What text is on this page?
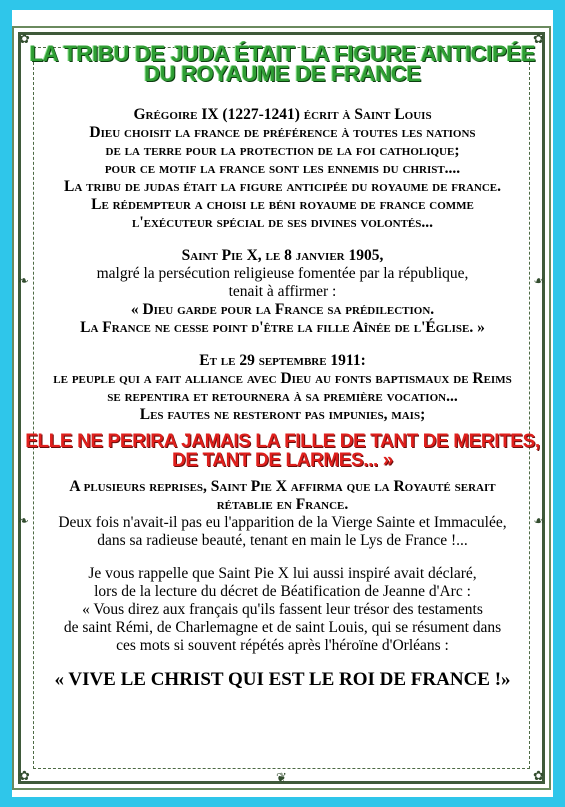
✿	✿
✿	✿
❧
❧
☙
☙
❦
LA TRIBU DE JUDA ÉTAIT LA FIGURE ANTICIPÉE
DU ROYAUME DE FRANCE
Grégoire IX (1227-1241) écrit à Saint Louis
Dieu choisit la france de préférence à toutes les nations
de la terre pour la protection de la foi catholique;
pour ce motif la france sont les ennemis du christ....
La tribu de judas était la figure anticipée du royaume de france.
Le rédempteur a choisi le béni royaume de france comme
l'exécuteur spécial de ses divines volontés...
Saint Pie X, le 8 janvier 1905,
malgré la persécution religieuse fomentée par la république,
tenait à affirmer :
« Dieu garde pour la France sa prédilection.
La France ne cesse point d'être la fille Aînée de l'Église. »
Et le 29 septembre 1911:
le peuple qui a fait alliance avec Dieu au fonts baptismaux de Reims
se repentira et retournera à sa première vocation...
Les fautes ne resteront pas impunies, mais;
ELLE NE PERIRA JAMAIS LA FILLE DE TANT DE MERITES,
DE TANT DE LARMES... »
A plusieurs reprises, Saint Pie X affirma que la Royauté serait
rétablie en France.
Deux fois n'avait-il pas eu l'apparition de la Vierge Sainte et Immaculée,
dans sa radieuse beauté, tenant en main le Lys de France !...
Je vous rappelle que Saint Pie X lui aussi inspiré avait déclaré,
lors de la lecture du décret de Béatification de Jeanne d'Arc :
« Vous direz aux français qu'ils fassent leur trésor des testaments
de saint Rémi, de Charlemagne et de saint Louis, qui se résument dans
ces mots si souvent répétés après l'héroïne d'Orléans :
« VIVE LE CHRIST QUI EST LE ROI DE FRANCE !»
